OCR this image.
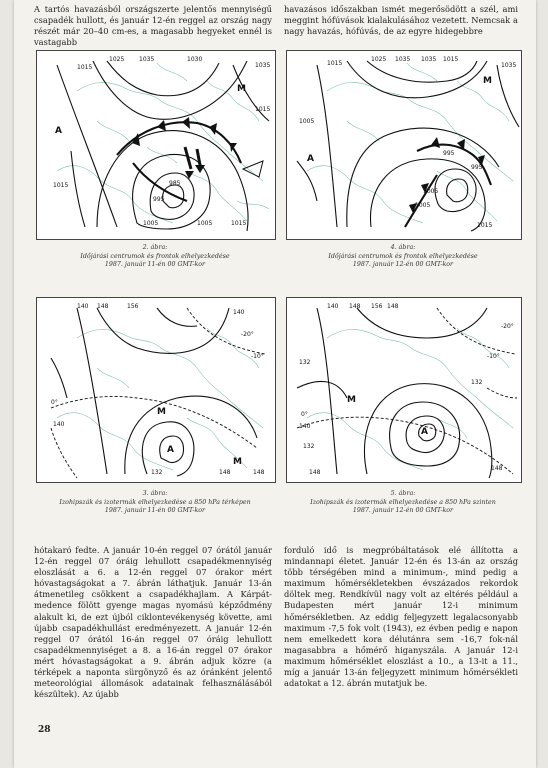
A tartós havazásból országszerte jelentős mennyiségű csapadék hullott, és január 12-én reggel az ország nagy részét már 20–40 cm-es, a magasabb hegyeket ennél is vastagabb

havazásos időszakban ismét megerősödött a szél, ami meggint hófúvások kialakulásához vezetett. Nemcsak a nagy havazás, hófúvás, de az egyre hidegebbre

1015
1025 1035	1030
1035
M
A
1015
1015	985
995
1005	1005	1015
2. ábra:
Időjárási centrumok és frontok elhelyezkedése
1987. január 11-én 00 GMT-kor
1015
1025 1035 1035 1015
M
1035
A
1005
995
995
1005
1005
1015
4. ábra:
Időjárási centrumok és frontok elhelyezkedése
1987. január 12-én 00 GMT-kor
140 148	156
140
-20°
-10°
0°
140
M
M
A
132	148	148
3. ábra:
Izohipszák és izotermák elhelyezkedése a 850 hPa térképen
1987. január 11-én 00 GMT-kor
140 148 156 148
-20°
-10°
132
132
0°
M
140
132
148
148
A
5. ábra:
Izohipszák és izotermák elhelyezkedése a 850 hPa szinten
1987. január 12-én 00 GMT-kor

hótakaró fedte. A január 10-én reggel 07 órától január 12-én reggel 07 óráig lehullott csapadékmennyiség eloszlását a 6. a 12-én reggel 07 órakor mért hóvastagságokat a 7. ábrán láthatjuk. Január 13-án átmenetileg csökkent a csapadékhajlam. A Kárpát-medence fölött gyenge magas nyomású képződmény alakult ki, de ezt újból ciklontevékenység követte, ami újabb csapadékhullást eredményezett. A január 12-én reggel 07 órától 16-án reggel 07 óráig lehullott csapadékmennyiséget a 8. a 16-án reggel 07 órakor mért hóvastagságokat a 9. ábrán adjuk közre (a térképek a naponta sürgönyző és az óránként jelentő meteorológiai állomások adatainak felhasználásából készültek). Az újabb

forduló idő is megpróbáltatások elé állította a mindannapi életet. Január 12-én és 13-án az ország több térségében mind a minimum-, mind pedig a maximum hőmérsékletekben évszázados rekordok döltek meg. Rendkívül nagy volt az eltérés például a Budapesten mért január 12-i minimum hőmérsékletben. Az eddig feljegyzett legalacsonyabb maximum -7,5 fok volt (1943), ez évben pedig e napon nem emelkedett kora délutánra sem -16,7 fok-nál magasabbra a hőmérő higanyszála. A január 12-i maximum hőmérséklet eloszlást a 10., a 13-it a 11., míg a január 13-án feljegyzett minimum hőmérsékleti adatokat a 12. ábrán mutatjuk be.

28
